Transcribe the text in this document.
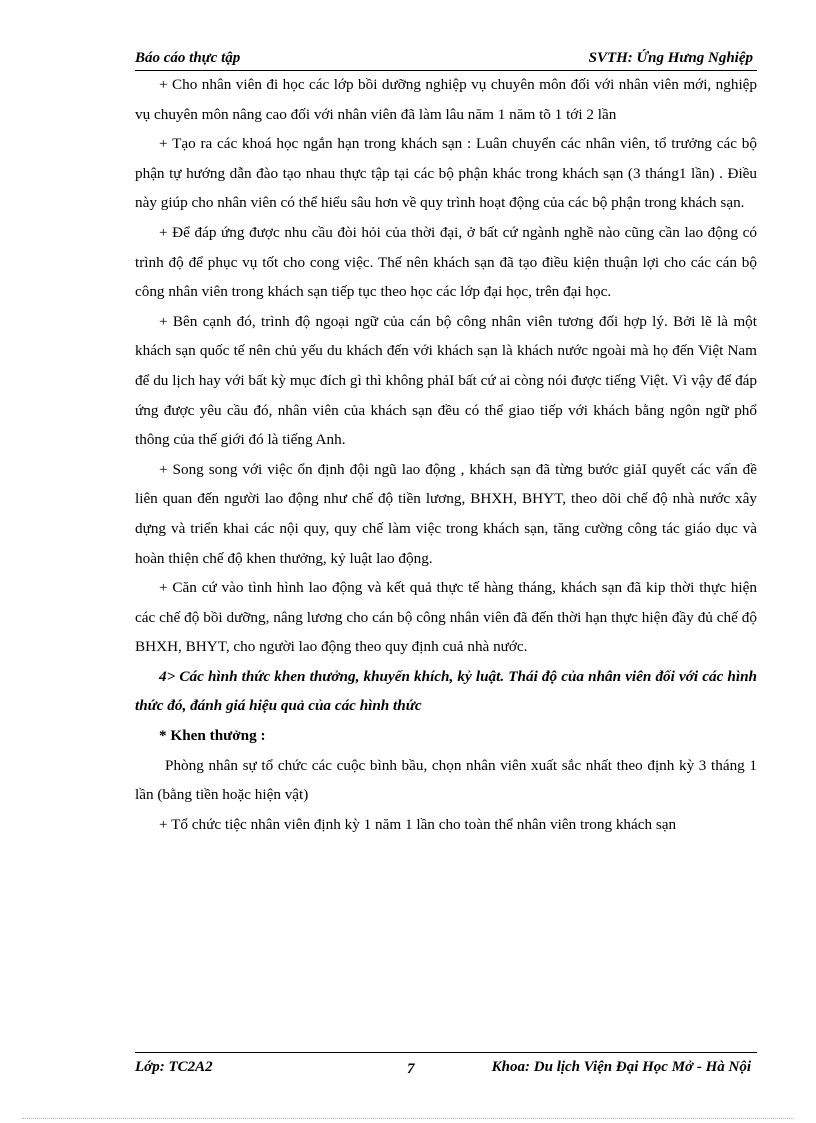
Báo cáo thực tập	SVTH: Ứng Hưng Nghiệp

+ Cho nhân viên đi học các lớp bồi dưỡng nghiệp vụ chuyên môn đối với nhân viên mới, nghiệp vụ chuyên môn nâng cao đối với nhân viên đã làm lâu năm 1 năm tõ 1 tới 2 lần

+ Tạo ra các khoá học ngắn hạn trong khách sạn : Luân chuyển các nhân viên, tổ trưởng các bộ phận tự hướng dẫn đào tạo nhau thực tập tại các bộ phận khác trong khách sạn (3 tháng1 lần) . Điều này giúp cho nhân viên có thể hiểu sâu hơn về quy trình hoạt động của các bộ phận trong khách sạn.

+ Để đáp ứng được nhu cầu đòi hỏi của thời đại, ở bất cứ ngành nghề nào cũng cần lao động có trình độ để phục vụ tốt cho cong việc. Thế nên khách sạn đã tạo điều kiện thuận lợi cho các cán bộ công nhân viên trong khách sạn tiếp tục theo học các lớp đại học, trên đại học.

+ Bên cạnh đó, trình độ ngoại ngữ của cán bộ công nhân viên tương đối hợp lý. Bởi lẽ là một khách sạn quốc tế nên chủ yếu du khách đến với khách sạn là khách nước ngoài mà họ đến Việt Nam để du lịch hay với bất kỳ mục đích gì thì không phảI bất cứ ai còng nói được tiếng Việt. Vì vậy để đáp ứng được yêu cầu đó, nhân viên của khách sạn đều có thể giao tiếp với khách bằng ngôn ngữ phổ thông của thế giới đó là tiếng Anh.

+ Song song với việc ổn định đội ngũ lao động , khách sạn đã từng bước giảI quyết các vấn đề liên quan đến người lao động như chế độ tiền lương, BHXH, BHYT, theo dõi chế độ nhà nước xây dựng và triển khai các nội quy, quy chế làm việc trong khách sạn, tăng cường công tác giáo dục và hoàn thiện chế độ khen thưởng, kỷ luật lao động.

+ Căn cứ vào tình hình lao động và kết quả thực tế hàng tháng, khách sạn đã kip thời thực hiện các chế độ bồi dưỡng, nâng lương cho cán bộ công nhân viên đã đến thời hạn thực hiện đầy đủ chế độ BHXH, BHYT, cho người lao động theo quy định cuả nhà nước.

4> Các hình thức khen thưởng, khuyến khích, kỷ luật. Thái độ của nhân viên đối với các hình thức đó, đánh giá hiệu quả của các hình thức

* Khen thưởng :

Phòng nhân sự tổ chức các cuộc bình bầu, chọn nhân viên xuất sắc nhất theo định kỳ 3 tháng 1 lần (bằng tiền hoặc hiện vật)

+ Tổ chức tiệc nhân viên định kỳ 1 năm 1 lần cho toàn thể nhân viên trong khách sạn

Lớp: TC2A2	7	Khoa: Du lịch Viện Đại Học Mở - Hà Nội
